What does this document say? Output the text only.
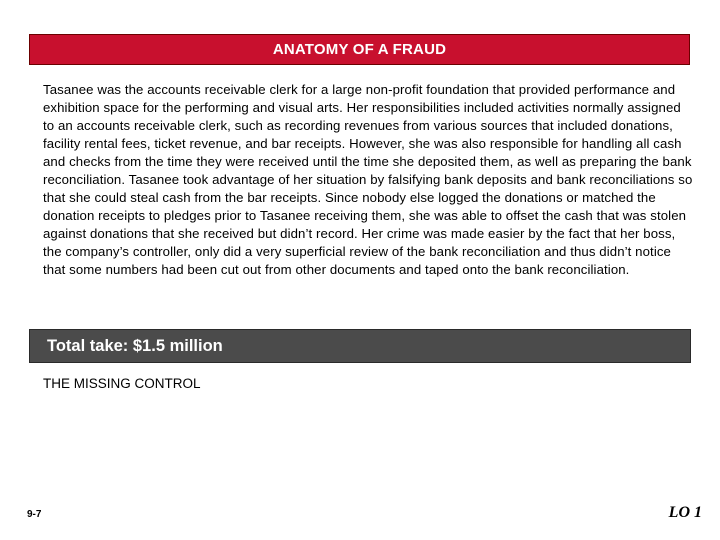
ANATOMY OF A FRAUD

Tasanee was the accounts receivable clerk for a large non-profit foundation that provided performance and exhibition space for the performing and visual arts. Her responsibilities included activities normally assigned to an accounts receivable clerk, such as recording revenues from various sources that included donations, facility rental fees, ticket revenue, and bar receipts. However, she was also responsible for handling all cash and checks from the time they were received until the time she deposited them, as well as preparing the bank reconciliation. Tasanee took advantage of her situation by falsifying bank deposits and bank reconciliations so that she could steal cash from the bar receipts. Since nobody else logged the donations or matched the donation receipts to pledges prior to Tasanee receiving them, she was able to offset the cash that was stolen against donations that she received but didn’t record. Her crime was made easier by the fact that her boss, the company’s controller, only did a very superficial review of the bank reconciliation and thus didn’t notice that some numbers had been cut out from other documents and taped onto the bank reconciliation.

Total take: $1.5 million
THE MISSING CONTROL
9-7	LO 1
